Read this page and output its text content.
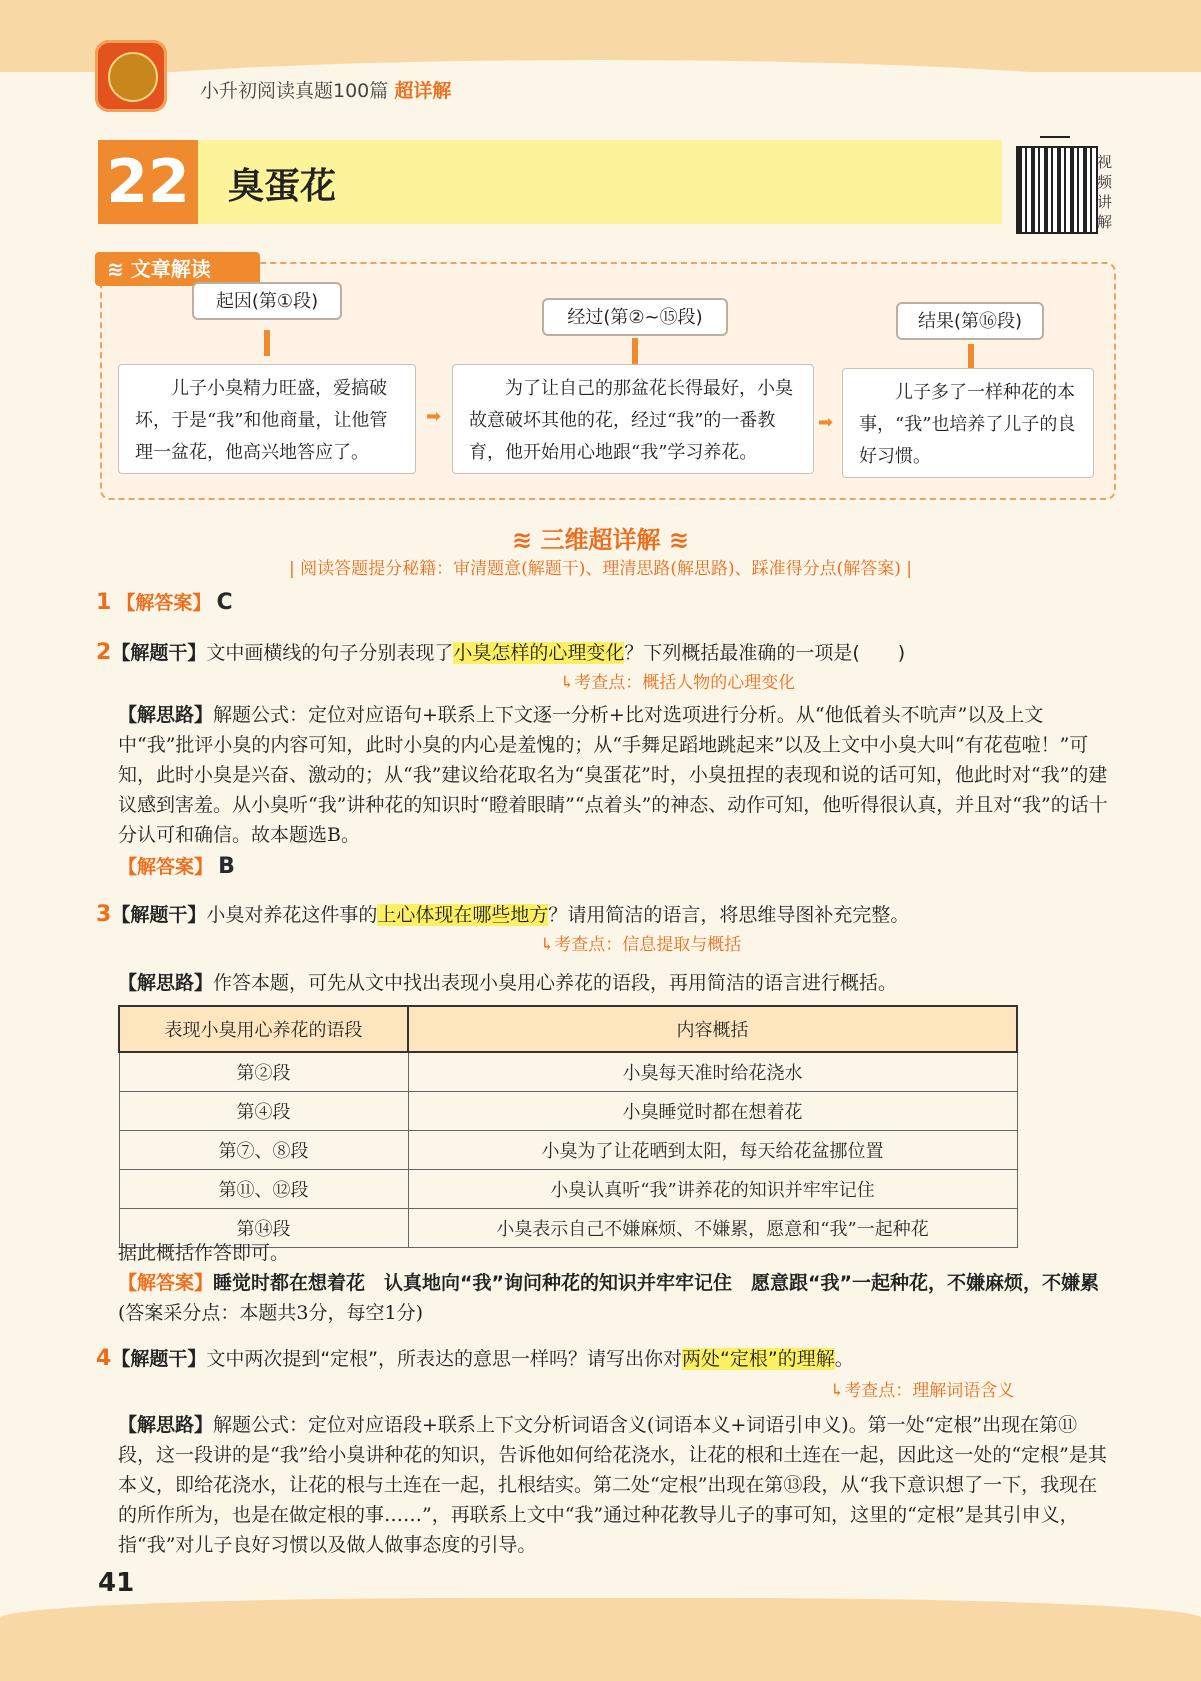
小升初阅读真题100篇 超详解
22 臭蛋花
视频讲解
≋ 文章解读
起因(第①段)
儿子小臭精力旺盛，爱搞破坏，于是“我”和他商量，让他管理一盆花，他高兴地答应了。
➡
经过(第②~⑮段)
为了让自己的那盆花长得最好，小臭故意破坏其他的花，经过“我”的一番教育，他开始用心地跟“我”学习养花。
➡
结果(第⑯段)
儿子多了一样种花的本事，“我”也培养了儿子的良好习惯。
≋ 三维超详解 ≋
| 阅读答题提分秘籍：审清题意(解题干)、理清思路(解思路)、踩准得分点(解答案) |
1 【解答案】 C
2【解题干】文中画横线的句子分别表现了小臭怎样的心理变化？下列概括最准确的一项是(　　)
↳考查点：概括人物的心理变化
【解思路】解题公式：定位对应语句+联系上下文逐一分析+比对选项进行分析。从“他低着头不吭声”以及上文中“我”批评小臭的内容可知，此时小臭的内心是羞愧的；从“手舞足蹈地跳起来”以及上文中小臭大叫“有花苞啦！”可知，此时小臭是兴奋、激动的；从“我”建议给花取名为“臭蛋花”时，小臭扭捏的表现和说的话可知，他此时对“我”的建议感到害羞。从小臭听“我”讲种花的知识时“瞪着眼睛”“点着头”的神态、动作可知，他听得很认真，并且对“我”的话十分认可和确信。故本题选B。
【解答案】 B
3【解题干】小臭对养花这件事的上心体现在哪些地方？请用简洁的语言，将思维导图补充完整。
↳考查点：信息提取与概括
【解思路】作答本题，可先从文中找出表现小臭用心养花的语段，再用简洁的语言进行概括。
表现小臭用心养花的语段	内容概括
第②段	小臭每天准时给花浇水
第④段	小臭睡觉时都在想着花
第⑦、⑧段	小臭为了让花晒到太阳，每天给花盆挪位置
第⑪、⑫段	小臭认真听“我”讲养花的知识并牢牢记住
第⑭段	小臭表示自己不嫌麻烦、不嫌累，愿意和“我”一起种花
据此概括作答即可。
【解答案】睡觉时都在想着花　认真地向“我”询问种花的知识并牢牢记住　愿意跟“我”一起种花，不嫌麻烦，不嫌累(答案采分点：本题共3分，每空1分)
4【解题干】文中两次提到“定根”，所表达的意思一样吗？请写出你对两处“定根”的理解。
↳考查点：理解词语含义
【解思路】解题公式：定位对应语段+联系上下文分析词语含义(词语本义+词语引申义)。第一处“定根”出现在第⑪段，这一段讲的是“我”给小臭讲种花的知识，告诉他如何给花浇水，让花的根和土连在一起，因此这一处的“定根”是其本义，即给花浇水，让花的根与土连在一起，扎根结实。第二处“定根”出现在第⑬段，从“我下意识想了一下，我现在的所作所为，也是在做定根的事……”，再联系上文中“我”通过种花教导儿子的事可知，这里的“定根”是其引申义，指“我”对儿子良好习惯以及做人做事态度的引导。
41
